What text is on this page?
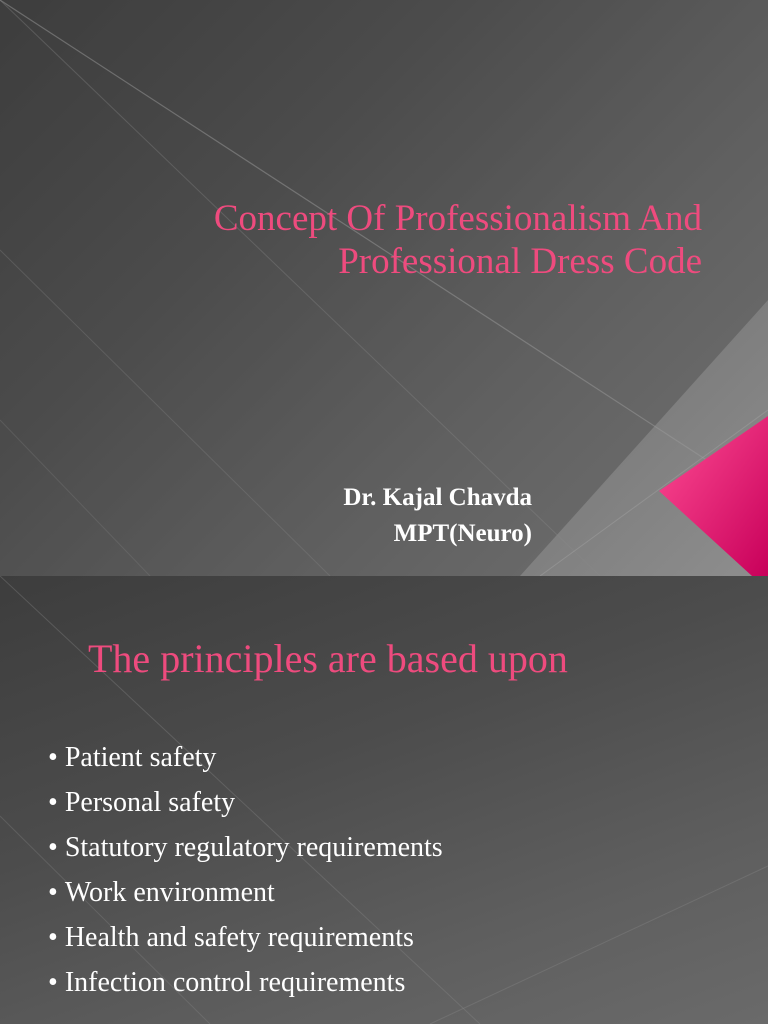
Concept Of Professionalism And
Professional Dress Code
Dr. Kajal Chavda
MPT(Neuro)
The principles are based upon
• Patient safety
• Personal safety
• Statutory regulatory requirements
• Work environment
• Health and safety requirements
• Infection control requirements
